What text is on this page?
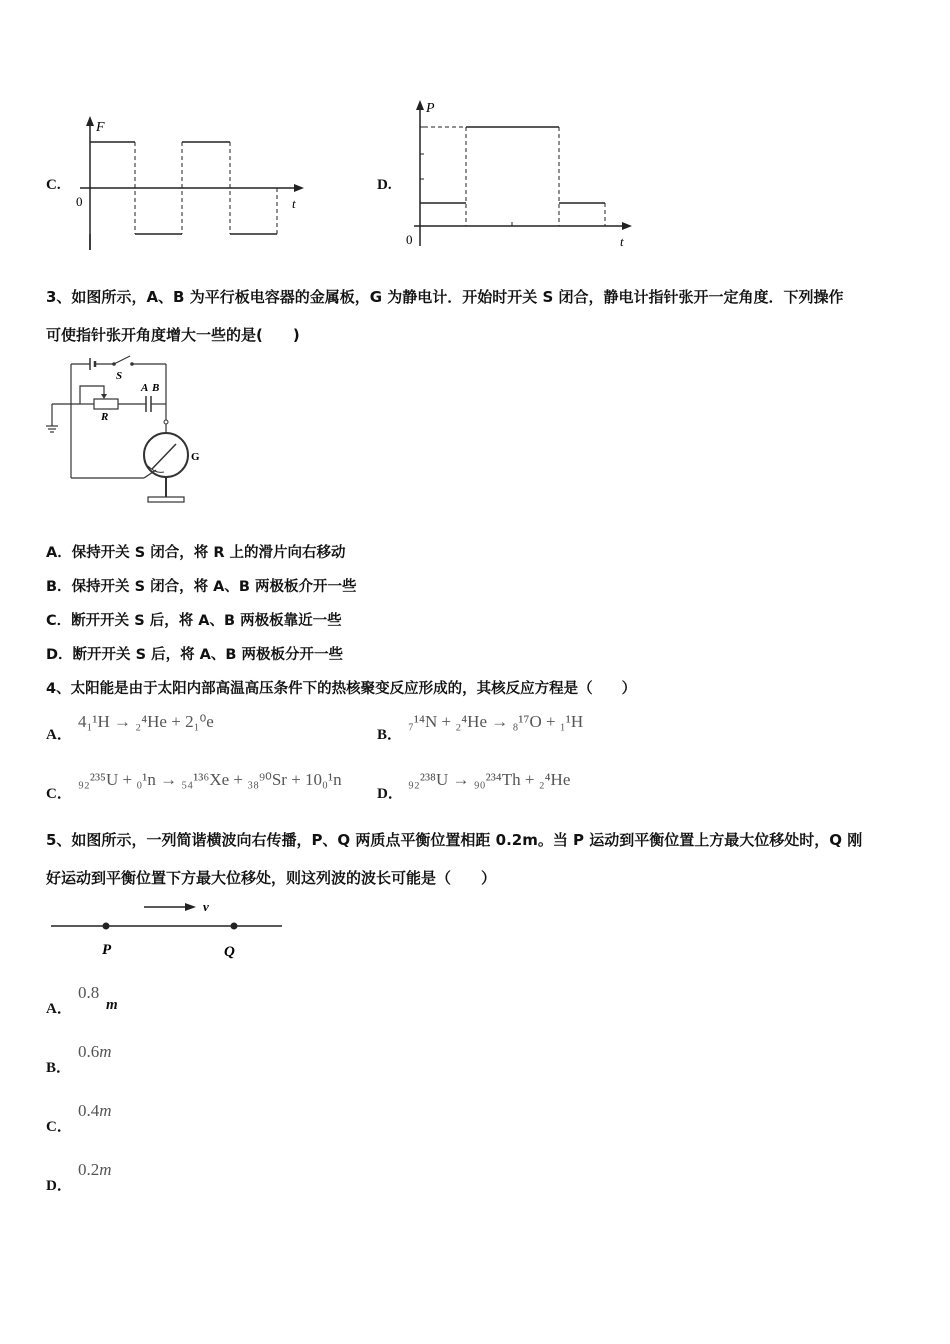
C.
F
0	t
D.
P
0	t
3、如图所示，A、B 为平行板电容器的金属板，G 为静电计．开始时开关 S 闭合，静电计指针张开一定角度．下列操作
可使指针张开角度增大一些的是(　　)
S
R
A B
G
A．保持开关 S 闭合，将 R 上的滑片向右移动
B．保持开关 S 闭合，将 A、B 两极板介开一些
C．断开开关 S 后，将 A、B 两极板靠近一些
D．断开开关 S 后，将 A、B 两极板分开一些
4、太阳能是由于太阳内部高温高压条件下的热核聚变反应形成的，其核反应方程是（　　）
A．
4₁¹H → ₂⁴He + 2₁⁰e
B．
₇¹⁴N + ₂⁴He → ₈¹⁷O + ₁¹H
C．
₉₂²³⁵U + ₀¹n → ₅₄¹³⁶Xe + ₃₈⁹⁰Sr + 10₀¹n
D．
₉₂²³⁸U → ₉₀²³⁴Th + ₂⁴He
5、如图所示，一列简谐横波向右传播，P、Q 两质点平衡位置相距 0.2m。当 P 运动到平衡位置上方最大位移处时，Q 刚
好运动到平衡位置下方最大位移处，则这列波的波长可能是（　　）
v
P	Q
A．
0.8
m
B．
0.6m
C．
0.4m
D．
0.2m
